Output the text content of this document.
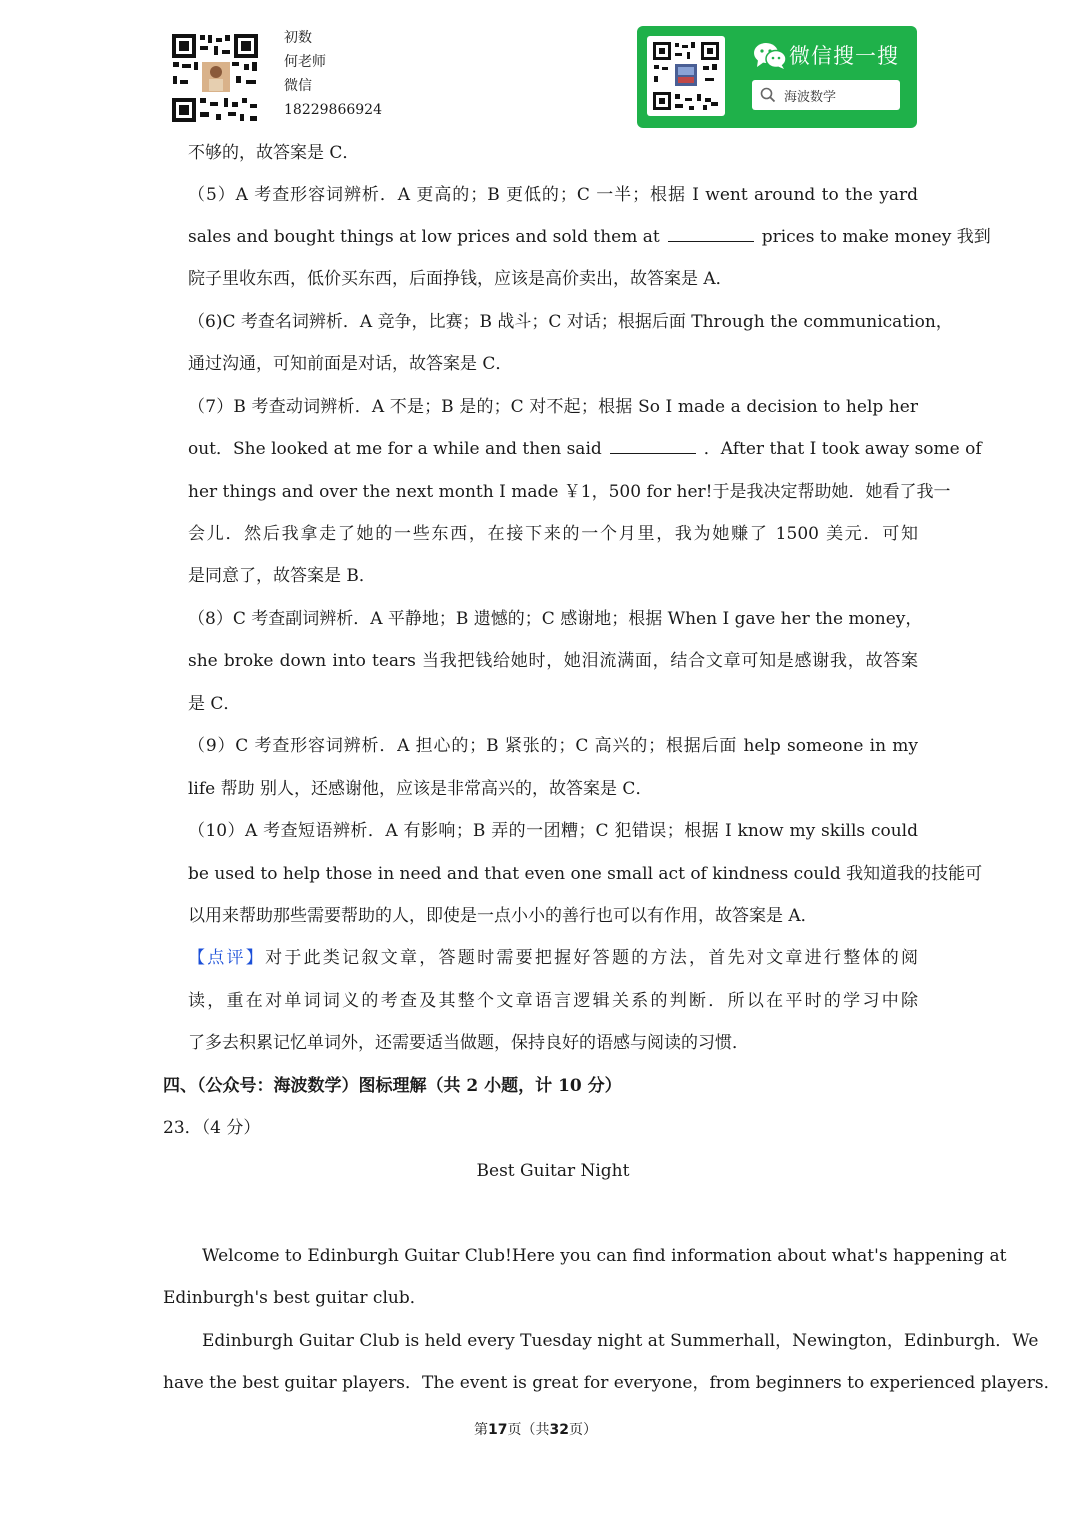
初数
何老师
微信
18229866924
微信搜一搜
海波数学
不够的，故答案是 C．
（5）A 考查形容词辨析．A 更高的；B 更低的；C 一半；根据 I went around to the yard
sales and bought things at low prices and sold them at	prices to make money 我到
院子里收东西，低价买东西，后面挣钱，应该是高价卖出，故答案是 A．
（6)C 考查名词辨析．A 竞争，比赛；B 战斗；C 对话；根据后面 Through the communication，
通过沟通，可知前面是对话，故答案是 C．
（7）B 考查动词辨析．A 不是；B 是的；C 对不起；根据 So I made a decision to help her
out．She looked at me for a while and then said	．After that I took away some of
her things and over the next month I made ￥1，500 for her!于是我决定帮助她．她看了我一
会儿．然后我拿走了她的一些东西，在接下来的一个月里，我为她赚了 1500 美元．可知
是同意了，故答案是 B．
（8）C 考查副词辨析．A 平静地；B 遗憾的；C 感谢地；根据 When I gave her the money，
she broke down into tears 当我把钱给她时，她泪流满面，结合文章可知是感谢我，故答案
是 C．
（9）C 考查形容词辨析．A 担心的；B 紧张的；C 高兴的；根据后面 help someone in my
life 帮助 别人，还感谢他，应该是非常高兴的，故答案是 C．
（10）A 考查短语辨析．A 有影响；B 弄的一团糟；C 犯错误；根据 I know my skills could
be used to help those in need and that even one small act of kindness could 我知道我的技能可
以用来帮助那些需要帮助的人，即使是一点小小的善行也可以有作用，故答案是 A．
【点评】对于此类记叙文章，答题时需要把握好答题的方法，首先对文章进行整体的阅
读，重在对单词词义的考查及其整个文章语言逻辑关系的判断．所以在平时的学习中除
了多去积累记忆单词外，还需要适当做题，保持良好的语感与阅读的习惯．
四、（公众号：海波数学）图标理解（共 2 小题，计 10 分）
23．（4 分）
Best Guitar Night
Welcome to Edinburgh Guitar Club!Here you can find information about what's happening at
Edinburgh's best guitar club．
Edinburgh Guitar Club is held every Tuesday night at Summerhall，Newington，Edinburgh．We
have the best guitar players．The event is great for everyone，from beginners to experienced players．
第17页（共32页）
